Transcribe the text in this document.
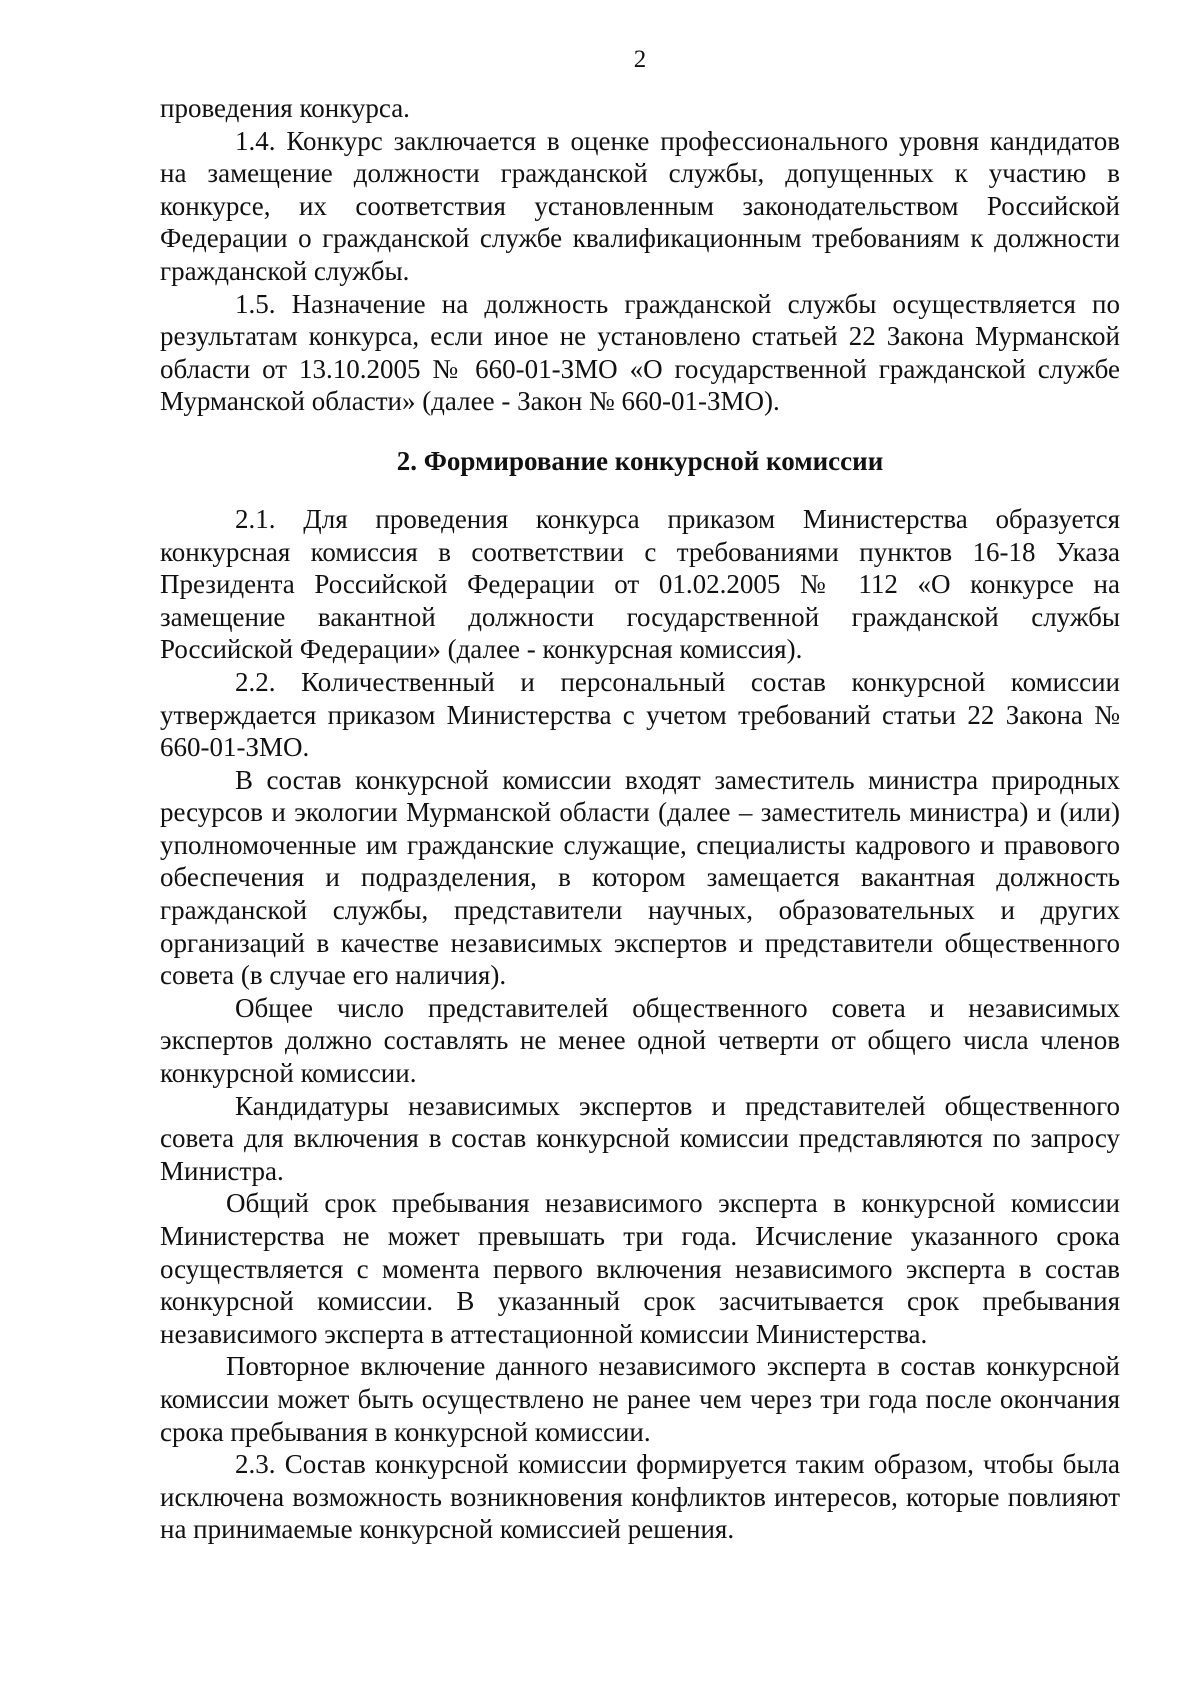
2

проведения конкурса.

1.4. Конкурс заключается в оценке профессионального уровня кандидатов на замещение должности гражданской службы, допущенных к участию в конкурсе, их соответствия установленным законодательством Российской Федерации о гражданской службе квалификационным требованиям к должности гражданской службы.

1.5. Назначение на должность гражданской службы осуществляется по результатам конкурса, если иное не установлено статьей 22 Закона Мурманской области от 13.10.2005 № 660-01-ЗМО «О государственной гражданской службе Мурманской области» (далее - Закон № 660-01-ЗМО).

2. Формирование конкурсной комиссии

2.1. Для проведения конкурса приказом Министерства образуется конкурсная комиссия в соответствии с требованиями пунктов 16-18 Указа Президента Российской Федерации от 01.02.2005 № 112 «О конкурсе на замещение вакантной должности государственной гражданской службы Российской Федерации» (далее - конкурсная комиссия).

2.2. Количественный и персональный состав конкурсной комиссии утверждается приказом Министерства с учетом требований статьи 22 Закона № 660-01-ЗМО.

В состав конкурсной комиссии входят заместитель министра природных ресурсов и экологии Мурманской области (далее – заместитель министра) и (или) уполномоченные им гражданские служащие, специалисты кадрового и правового обеспечения и подразделения, в котором замещается вакантная должность гражданской службы, представители научных, образовательных и других организаций в качестве независимых экспертов и представители общественного совета (в случае его наличия).

Общее число представителей общественного совета и независимых экспертов должно составлять не менее одной четверти от общего числа членов конкурсной комиссии.

Кандидатуры независимых экспертов и представителей общественного совета для включения в состав конкурсной комиссии представляются по запросу Министра.

Общий срок пребывания независимого эксперта в конкурсной комиссии Министерства не может превышать три года. Исчисление указанного срока осуществляется с момента первого включения независимого эксперта в состав конкурсной комиссии. В указанный срок засчитывается срок пребывания независимого эксперта в аттестационной комиссии Министерства.

Повторное включение данного независимого эксперта в состав конкурсной комиссии может быть осуществлено не ранее чем через три года после окончания срока пребывания в конкурсной комиссии.

2.3. Состав конкурсной комиссии формируется таким образом, чтобы была исключена возможность возникновения конфликтов интересов, которые повлияют на принимаемые конкурсной комиссией решения.
